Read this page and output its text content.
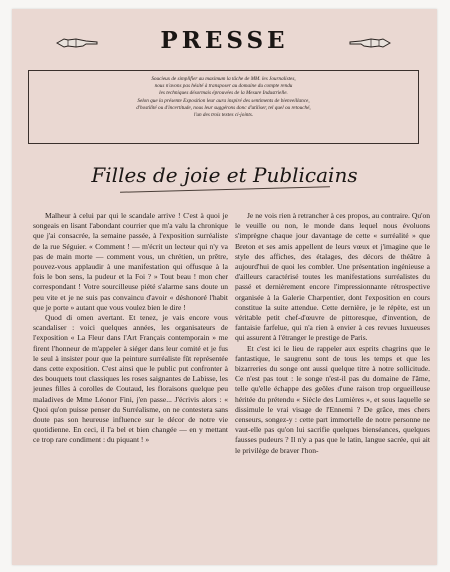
PRESSE
Soucieux de simplifier au maximum la tâche de MM. les Journalistes,
nous n'avons pas hésité à transposer au domaine du compte rendu
les techniques désormais éprouvées de la Mesure Industrielle.
Selon que la présente Exposition leur aura inspiré des sentiments de bienveillance,
d'hostilité ou d'incertitude, nous leur suggérons donc d'utiliser, tel quel ou retouché,
l'un des trois textes ci-joints.
Filles de joie et Publicains

Malheur à celui par qui le scandale arrive ! C'est à quoi je songeais en lisant l'abondant courrier que m'a valu la chronique que j'ai consacrée, la semaine passée, à l'exposition surréaliste de la rue Séguier. « Comment ! — m'écrit un lecteur qui n'y va pas de main morte — comment vous, un chrétien, un prêtre, pouvez-vous applaudir à une manifestation qui offusque à la fois le bon sens, la pudeur et la Foi ? » Tout beau ! mon cher correspondant ! Votre sourcilleuse piété s'alarme sans doute un peu vite et je ne suis pas convaincu d'avoir « déshonoré l'habit que je porte » autant que vous voulez bien le dire !

Quod di omen avertant. Et tenez, je vais encore vous scandaliser : voici quelques années, les organisateurs de l'exposition « La Fleur dans l'Art Français contemporain » me firent l'honneur de m'appeler à siéger dans leur comité et je fus le seul à insister pour que la peinture surréaliste fût représentée dans cette exposition. C'est ainsi que le public put confronter à des bouquets tout classiques les roses saignantes de Labisse, les jeunes filles à corolles de Coutaud, les floraisons quelque peu maladives de Mme Léonor Fini, j'en passe... J'écrivis alors : « Quoi qu'on puisse penser du Surréalisme, on ne contestera sans doute pas son heureuse influence sur le décor de notre vie quotidienne. En ceci, il l'a bel et bien changée — en y mettant ce trop rare condiment : du piquant ! »

Je ne vois rien à retrancher à ces propos, au contraire. Qu'on le veuille ou non, le monde dans lequel nous évoluons s'imprègne chaque jour davantage de cette « surréalité » que Breton et ses amis appellent de leurs vœux et j'imagine que le style des affiches, des étalages, des décors de théâtre à aujourd'hui de quoi les combler. Une présentation ingénieuse a d'ailleurs caractérisé toutes les manifestations surréalistes du passé et dernièrement encore l'impressionnante rétrospective organisée à la Galerie Charpentier, dont l'exposition en cours constitue la suite attendue. Cette dernière, je le répète, est un véritable petit chef-d'œuvre de pittoresque, d'invention, de fantaisie farfelue, qui n'a rien à envier à ces revues luxueuses qui assurent à l'étranger le prestige de Paris.

Et c'est ici le lieu de rappeler aux esprits chagrins que le fantastique, le saugrenu sont de tous les temps et que les bizarreries du songe ont aussi quelque titre à notre sollicitude. Ce n'est pas tout : le songe n'est-il pas du domaine de l'âme, telle qu'elle échappe des geôles d'une raison trop orgueilleuse héritée du prétendu « Siècle des Lumières », et sous laquelle se dissimule le vrai visage de l'Ennemi ? De grâce, mes chers censeurs, songez-y : cette part immortelle de notre personne ne vaut-elle pas qu'on lui sacrifie quelques bienséances, quelques fausses pudeurs ? Il n'y a pas que le latin, langue sacrée, qui ait le privilège de braver l'hon-
